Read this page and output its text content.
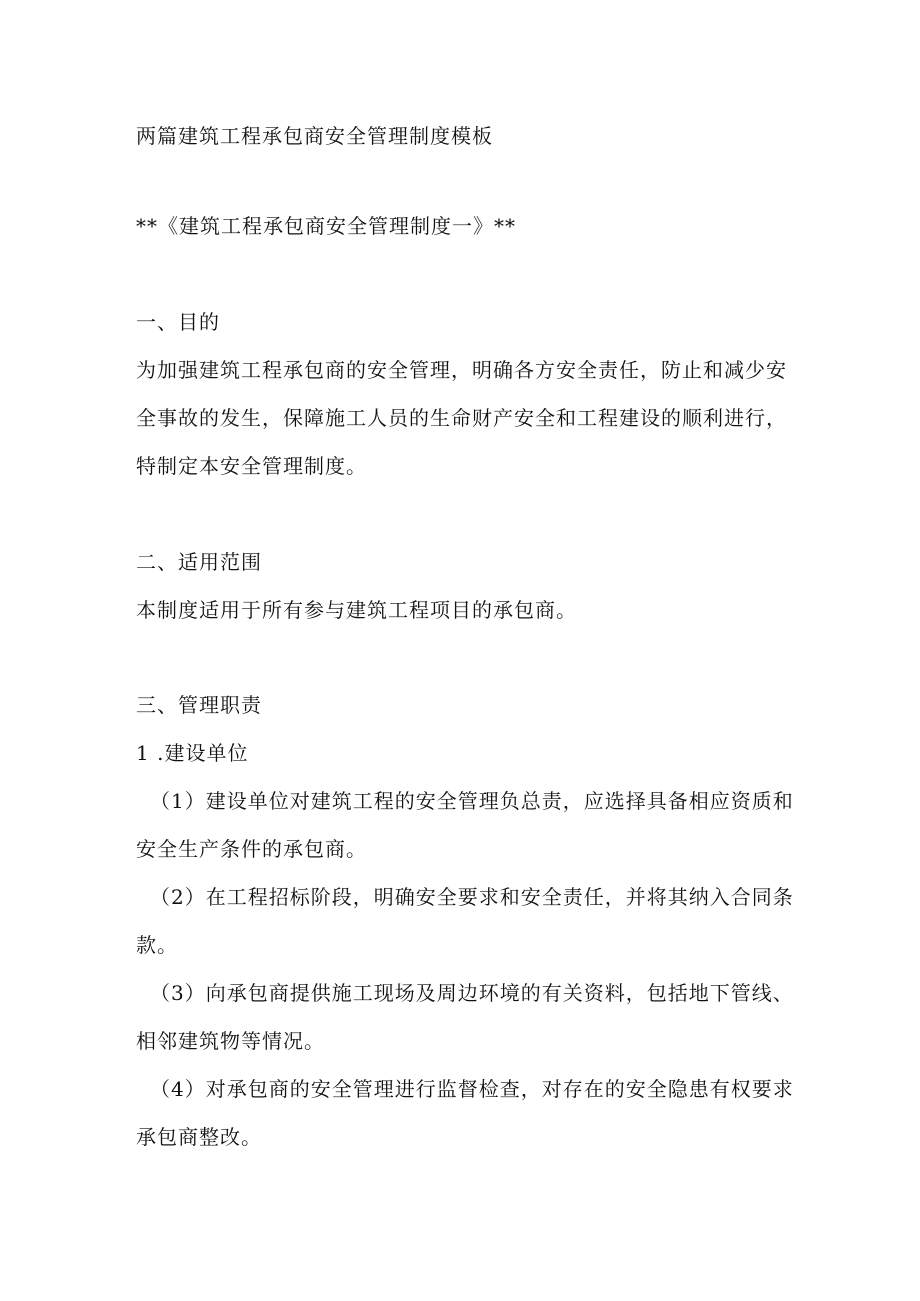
两篇建筑工程承包商安全管理制度模板
**《建筑工程承包商安全管理制度一》**
一、目的
为加强建筑工程承包商的安全管理，明确各方安全责任，防止和减少安
全事故的发生，保障施工人员的生命财产安全和工程建设的顺利进行，
特制定本安全管理制度。
二、适用范围
本制度适用于所有参与建筑工程项目的承包商。
三、管理职责
1 .建设单位
（1）建设单位对建筑工程的安全管理负总责，应选择具备相应资质和
安全生产条件的承包商。
（2）在工程招标阶段，明确安全要求和安全责任，并将其纳入合同条
款。
（3）向承包商提供施工现场及周边环境的有关资料，包括地下管线、
相邻建筑物等情况。
（4）对承包商的安全管理进行监督检查，对存在的安全隐患有权要求
承包商整改。
